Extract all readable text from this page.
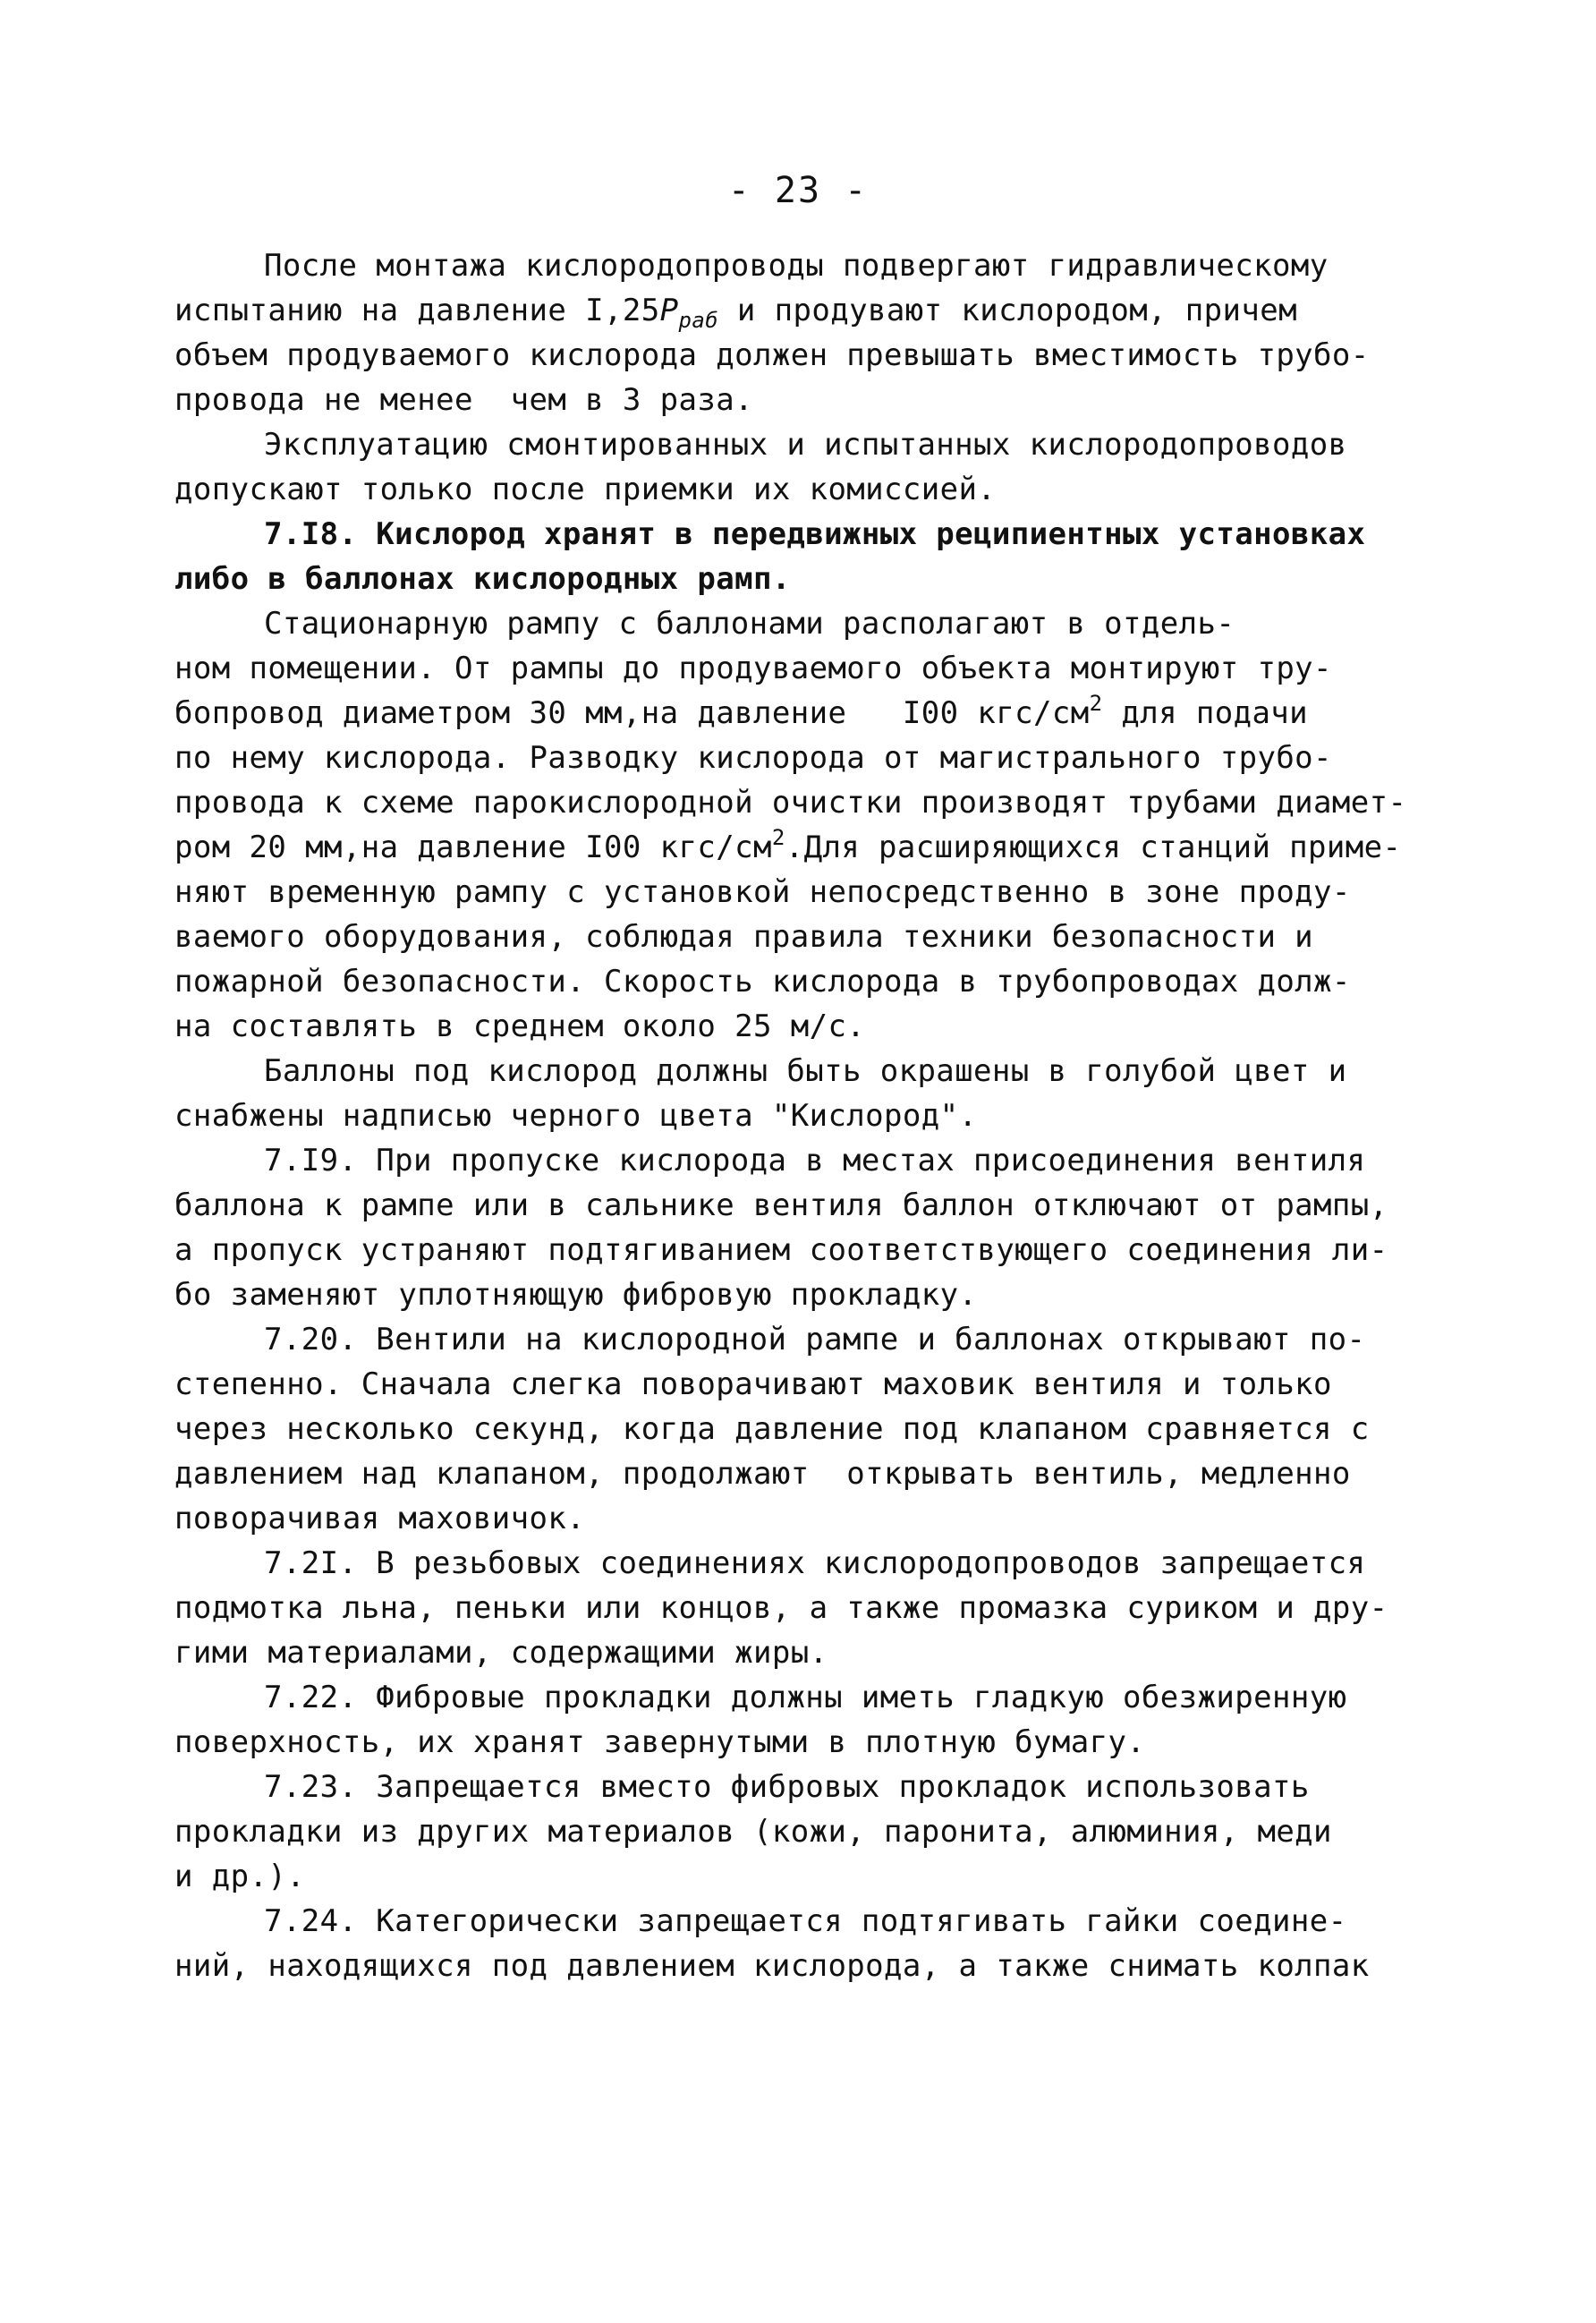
- 23 -
После монтажа кислородопроводы подвергают гидравлическому
испытанию на давление $I,25P_{раб}$ и продувают кислородом, причем
объем продуваемого кислорода должен превышать вместимость трубо-
провода не менее  чем в 3 раза.
Эксплуатацию смонтированных и испытанных кислородопроводов
допускают только после приемки их комиссией.
7.I8. Кислород хранят в передвижных реципиентных установках
либо в баллонах кислородных рамп.
Стационарную рампу с баллонами располагают в отдель-
ном помещении. От рампы до продуваемого объекта монтируют тру-
бопровод диаметром 30 мм,на давление   I00 кгс/$см^2$ для подачи
по нему кислорода. Разводку кислорода от магистрального трубо-
провода к схеме парокислородной очистки производят трубами диамет-
ром 20 мм,на давление I00 кгс/$см^2.Для$ расширяющихся станций приме-
няют временную рампу с установкой непосредственно в зоне проду-
ваемого оборудования, соблюдая правила техники безопасности и
пожарной безопасности. Скорость кислорода в трубопроводах долж-
на составлять в среднем около 25 м/с.
Баллоны под кислород должны быть окрашены в голубой цвет и
снабжены надписью черного цвета "Кислород".
7.I9. При пропуске кислорода в местах присоединения вентиля
баллона к рампе или в сальнике вентиля баллон отключают от рампы,
а пропуск устраняют подтягиванием соответствующего соединения ли-
бо заменяют уплотняющую фибровую прокладку.
7.20. Вентили на кислородной рампе и баллонах открывают по-
степенно. Сначала слегка поворачивают маховик вентиля и только
через несколько секунд, когда давление под клапаном сравняется с
давлением над клапаном, продолжают  открывать вентиль, медленно
поворачивая маховичок.
7.2I. В резьбовых соединениях кислородопроводов запрещается
подмотка льна, пеньки или концов, а также промазка суриком и дру-
гими материалами, содержащими жиры.
7.22. Фибровые прокладки должны иметь гладкую обезжиренную
поверхность, их хранят завернутыми в плотную бумагу.
7.23. Запрещается вместо фибровых прокладок использовать
прокладки из других материалов (кожи, паронита, алюминия, меди
и др.).
7.24. Категорически запрещается подтягивать гайки соедине-
ний, находящихся под давлением кислорода, а также снимать колпак
